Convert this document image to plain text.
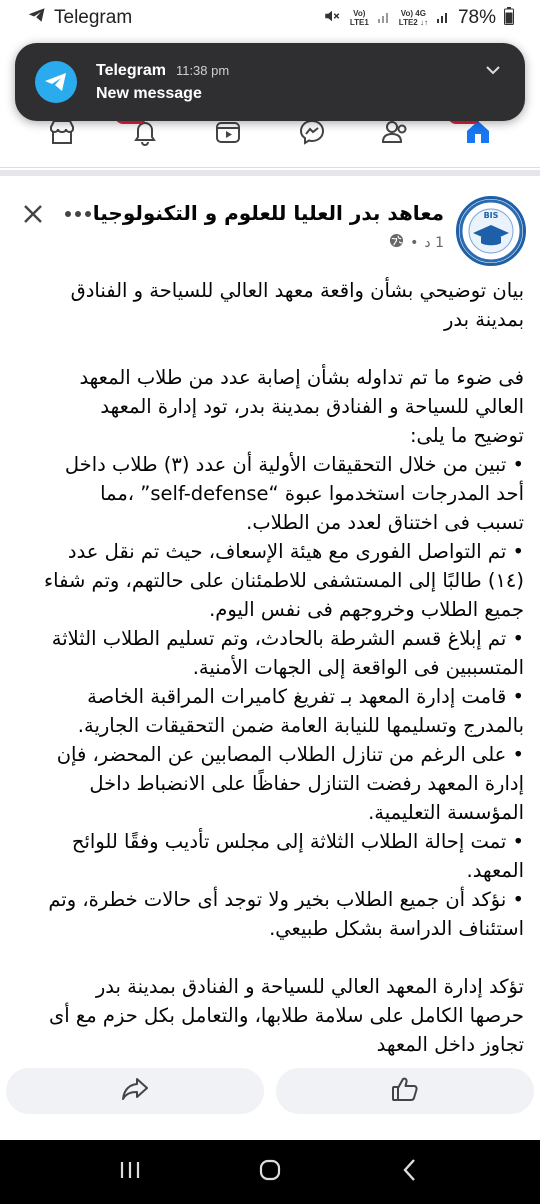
Telegram	Vo)
LTE1
Vo) 4G
LTE2 ↓↑ 78%
Telegram 11:38 pm
New message
BIS
معاهد بدر العليا للعلوم و التكنولوجيا
1 د
•

بيان توضيحي بشأن واقعة معهد العالي للسياحة و الفنادق

بمدينة بدر

فى ضوء ما تم تداوله بشأن إصابة عدد من طلاب المعهد

العالي للسياحة و الفنادق بمدينة بدر، تود إدارة المعهد

توضيح ما يلى:

• تبين من خلال التحقيقات الأولية أن عدد (٣) طلاب داخل

أحد المدرجات استخدموا عبوة “self-defense” ،مما

تسبب فى اختناق لعدد من الطلاب.

• تم التواصل الفورى مع هيئة الإسعاف، حيث تم نقل عدد

(١٤) طالبًا إلى المستشفى للاطمئنان على حالتهم، وتم شفاء

جميع الطلاب وخروجهم فى نفس اليوم.

• تم إبلاغ قسم الشرطة بالحادث، وتم تسليم الطلاب الثلاثة

المتسببين فى الواقعة إلى الجهات الأمنية.

• قامت إدارة المعهد بـ تفريغ كاميرات المراقبة الخاصة

بالمدرج وتسليمها للنيابة العامة ضمن التحقيقات الجارية.

• على الرغم من تنازل الطلاب المصابين عن المحضر، فإن

إدارة المعهد رفضت التنازل حفاظًا على الانضباط داخل

المؤسسة التعليمية.

• تمت إحالة الطلاب الثلاثة إلى مجلس تأديب وفقًا للوائح

المعهد.

• نؤكد أن جميع الطلاب بخير ولا توجد أى حالات خطرة، وتم

استئناف الدراسة بشكل طبيعي.

تؤكد إدارة المعهد العالي للسياحة و الفنادق بمدينة بدر

حرصها الكامل على سلامة طلابها، والتعامل بكل حزم مع أى

تجاوز داخل المعهد
